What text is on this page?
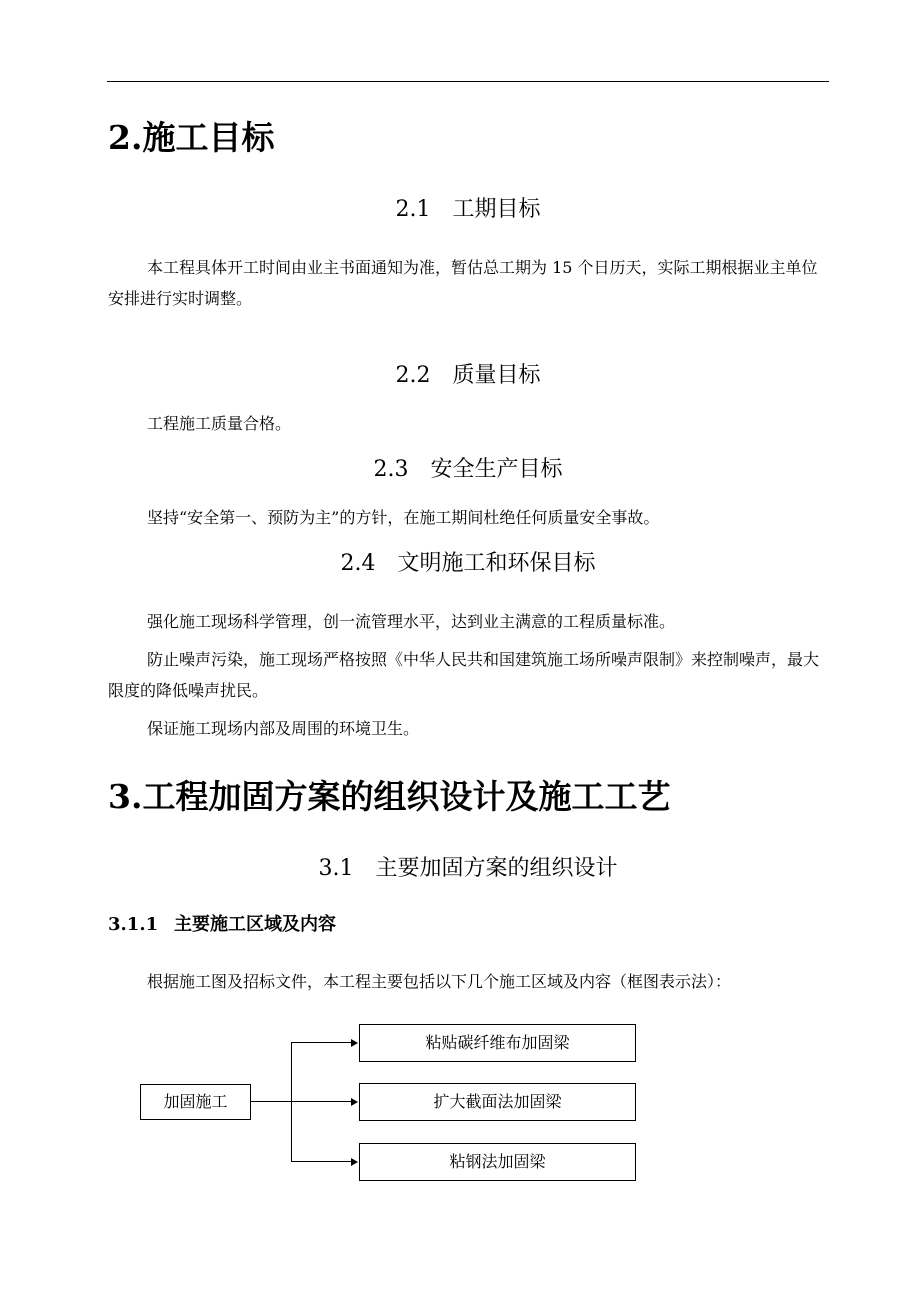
2.施工目标
2.1 工期目标
本工程具体开工时间由业主书面通知为准，暂估总工期为 15 个日历天，实际工期根据业主单位安排进行实时调整。
2.2 质量目标
工程施工质量合格。
2.3 安全生产目标
坚持“安全第一、预防为主”的方针，在施工期间杜绝任何质量安全事故。
2.4 文明施工和环保目标
强化施工现场科学管理，创一流管理水平，达到业主满意的工程质量标准。
防止噪声污染，施工现场严格按照《中华人民共和国建筑施工场所噪声限制》来控制噪声，最大限度的降低噪声扰民。
保证施工现场内部及周围的环境卫生。
3.工程加固方案的组织设计及施工工艺
3.1 主要加固方案的组织设计
3.1.1 主要施工区域及内容
根据施工图及招标文件，本工程主要包括以下几个施工区域及内容（框图表示法）：
加固施工
粘贴碳纤维布加固梁
扩大截面法加固梁
粘钢法加固梁
